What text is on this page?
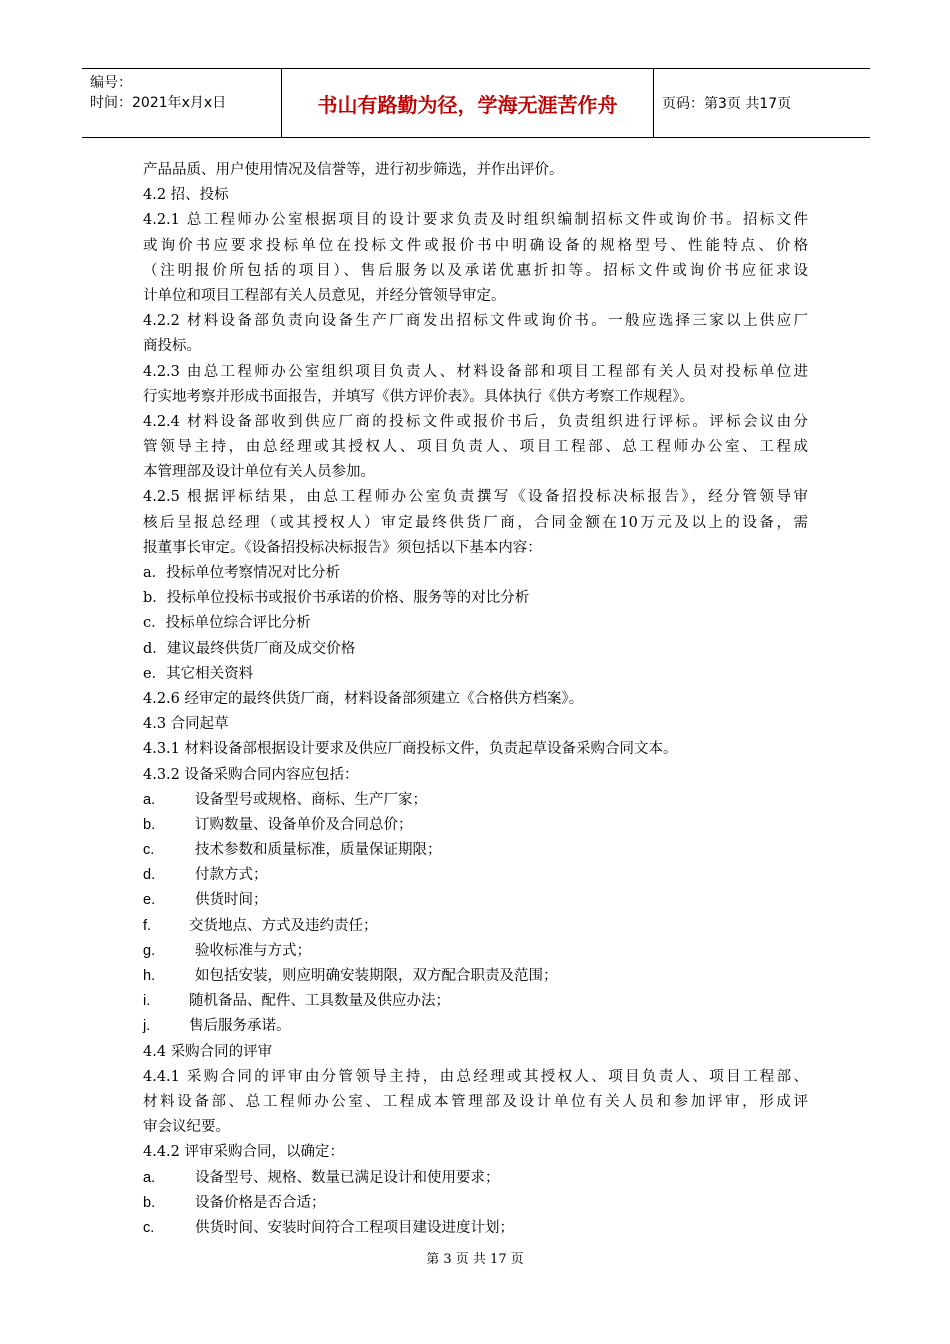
编号：
时间：2021年x月x日	书山有路勤为径，学海无涯苦作舟	页码：第3页 共17页
产品品质、用户使用情况及信誉等，进行初步筛选，并作出评价。
4.2 招、投标
4.2.1 总工程师办公室根据项目的设计要求负责及时组织编制招标文件或询价书。招标文件
或询价书应要求投标单位在投标文件或报价书中明确设备的规格型号、性能特点、价格
（注明报价所包括的项目）、售后服务以及承诺优惠折扣等。招标文件或询价书应征求设
计单位和项目工程部有关人员意见，并经分管领导审定。
4.2.2 材料设备部负责向设备生产厂商发出招标文件或询价书。一般应选择三家以上供应厂
商投标。
4.2.3 由总工程师办公室组织项目负责人、材料设备部和项目工程部有关人员对投标单位进
行实地考察并形成书面报告，并填写《供方评价表》。具体执行《供方考察工作规程》。
4.2.4 材料设备部收到供应厂商的投标文件或报价书后，负责组织进行评标。评标会议由分
管领导主持，由总经理或其授权人、项目负责人、项目工程部、总工程师办公室、工程成
本管理部及设计单位有关人员参加。
4.2.5 根据评标结果，由总工程师办公室负责撰写《设备招投标决标报告》，经分管领导审
核后呈报总经理（或其授权人）审定最终供货厂商，合同金额在10万元及以上的设备，需
报董事长审定。《设备招投标决标报告》须包括以下基本内容：
a．投标单位考察情况对比分析
b．投标单位投标书或报价书承诺的价格、服务等的对比分析
c．投标单位综合评比分析
d．建议最终供货厂商及成交价格
e．其它相关资料
4.2.6 经审定的最终供货厂商，材料设备部须建立《合格供方档案》。
4.3 合同起草
4.3.1 材料设备部根据设计要求及供应厂商投标文件，负责起草设备采购合同文本。
4.3.2 设备采购合同内容应包括：
a.	设备型号或规格、商标、生产厂家；
b.	订购数量、设备单价及合同总价；
c.	技术参数和质量标准，质量保证期限；
d.	付款方式；
e.	供货时间；
f.	交货地点、方式及违约责任；
g.	验收标准与方式；
h.	如包括安装，则应明确安装期限，双方配合职责及范围；
i.	随机备品、配件、工具数量及供应办法；
j.	售后服务承诺。
4.4 采购合同的评审
4.4.1 采购合同的评审由分管领导主持，由总经理或其授权人、项目负责人、项目工程部、
材料设备部、总工程师办公室、工程成本管理部及设计单位有关人员和参加评审，形成评
审会议纪要。
4.4.2 评审采购合同，以确定：
a.	设备型号、规格、数量已满足设计和使用要求；
b.	设备价格是否合适；
c.	供货时间、安装时间符合工程项目建设进度计划；
第 3 页 共 17 页
